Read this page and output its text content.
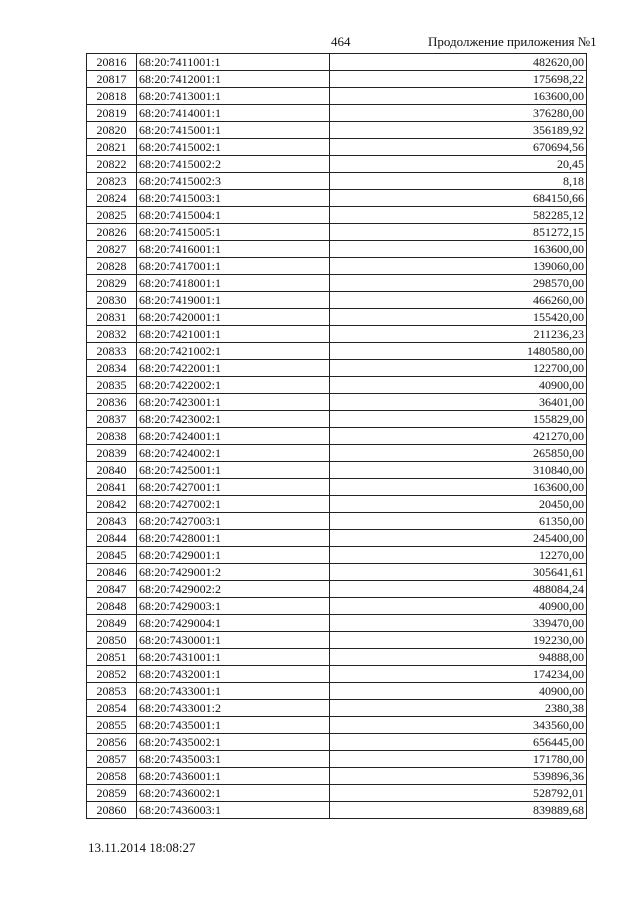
464	Продолжение приложения №1
20816	68:20:7411001:1	482620,00
20817	68:20:7412001:1	175698,22
20818	68:20:7413001:1	163600,00
20819	68:20:7414001:1	376280,00
20820	68:20:7415001:1	356189,92
20821	68:20:7415002:1	670694,56
20822	68:20:7415002:2	20,45
20823	68:20:7415002:3	8,18
20824	68:20:7415003:1	684150,66
20825	68:20:7415004:1	582285,12
20826	68:20:7415005:1	851272,15
20827	68:20:7416001:1	163600,00
20828	68:20:7417001:1	139060,00
20829	68:20:7418001:1	298570,00
20830	68:20:7419001:1	466260,00
20831	68:20:7420001:1	155420,00
20832	68:20:7421001:1	211236,23
20833	68:20:7421002:1	1480580,00
20834	68:20:7422001:1	122700,00
20835	68:20:7422002:1	40900,00
20836	68:20:7423001:1	36401,00
20837	68:20:7423002:1	155829,00
20838	68:20:7424001:1	421270,00
20839	68:20:7424002:1	265850,00
20840	68:20:7425001:1	310840,00
20841	68:20:7427001:1	163600,00
20842	68:20:7427002:1	20450,00
20843	68:20:7427003:1	61350,00
20844	68:20:7428001:1	245400,00
20845	68:20:7429001:1	12270,00
20846	68:20:7429001:2	305641,61
20847	68:20:7429002:2	488084,24
20848	68:20:7429003:1	40900,00
20849	68:20:7429004:1	339470,00
20850	68:20:7430001:1	192230,00
20851	68:20:7431001:1	94888,00
20852	68:20:7432001:1	174234,00
20853	68:20:7433001:1	40900,00
20854	68:20:7433001:2	2380,38
20855	68:20:7435001:1	343560,00
20856	68:20:7435002:1	656445,00
20857	68:20:7435003:1	171780,00
20858	68:20:7436001:1	539896,36
20859	68:20:7436002:1	528792,01
20860	68:20:7436003:1	839889,68
13.11.2014 18:08:27
